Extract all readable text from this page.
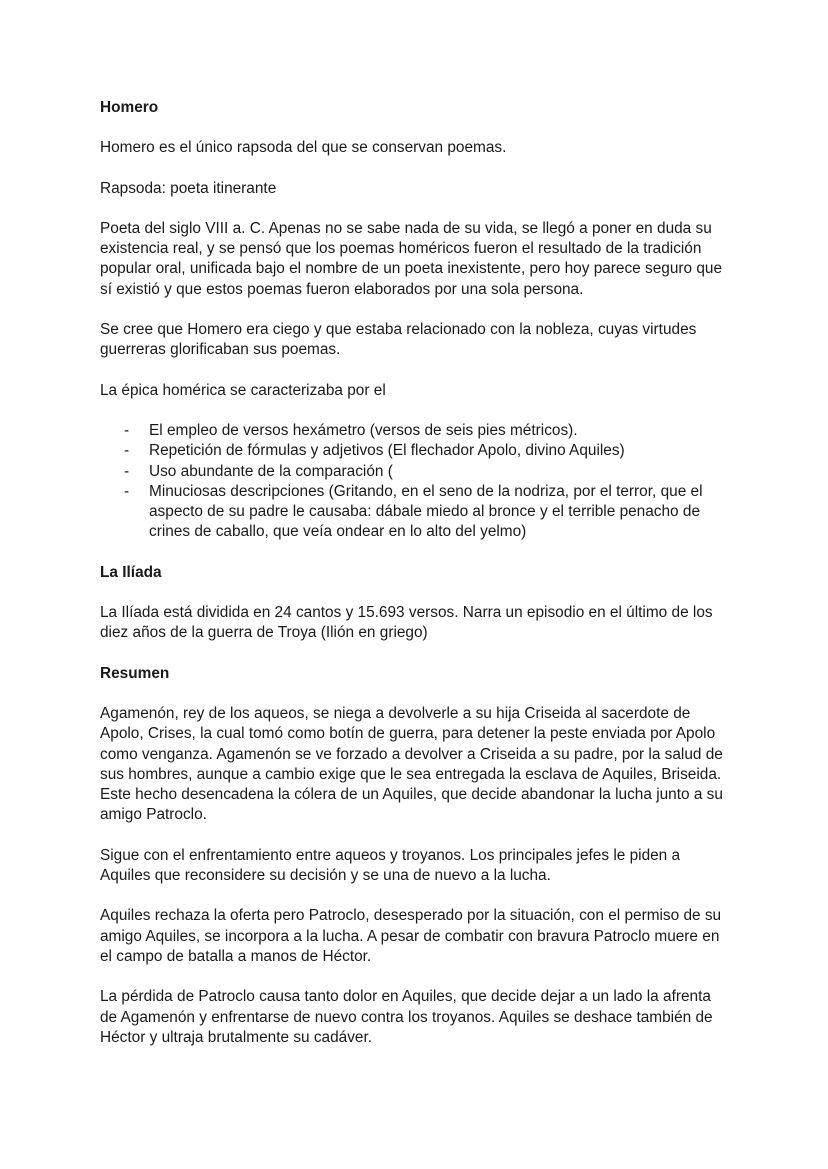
Homero

Homero es el único rapsoda del que se conservan poemas.

Rapsoda: poeta itinerante

Poeta del siglo VIII a. C. Apenas no se sabe nada de su vida, se llegó a poner en duda su existencia real, y se pensó que los poemas homéricos fueron el resultado de la tradición popular oral, unificada bajo el nombre de un poeta inexistente, pero hoy parece seguro que sí existió y que estos poemas fueron elaborados por una sola persona.

Se cree que Homero era ciego y que estaba relacionado con la nobleza, cuyas virtudes guerreras glorificaban sus poemas.

La épica homérica se caracterizaba por el

- El empleo de versos hexámetro (versos de seis pies métricos).
- Repetición de fórmulas y adjetivos (El flechador Apolo, divino Aquiles)
- Uso abundante de la comparación (
- Minuciosas descripciones (Gritando, en el seno de la nodriza, por el terror, que el aspecto de su padre le causaba: dábale miedo al bronce y el terrible penacho de crines de caballo, que veía ondear en lo alto del yelmo)
La Ilíada

La Ilíada está dividida en 24 cantos y 15.693 versos. Narra un episodio en el último de los diez años de la guerra de Troya (Ilión en griego)

Resumen

Agamenón, rey de los aqueos, se niega a devolverle a su hija Criseida al sacerdote de Apolo, Crises, la cual tomó como botín de guerra, para detener la peste enviada por Apolo como venganza. Agamenón se ve forzado a devolver a Criseida a su padre, por la salud de sus hombres, aunque a cambio exige que le sea entregada la esclava de Aquiles, Briseida. Este hecho desencadena la cólera de un Aquiles, que decide abandonar la lucha junto a su amigo Patroclo.

Sigue con el enfrentamiento entre aqueos y troyanos. Los principales jefes le piden a Aquiles que reconsidere su decisión y se una de nuevo a la lucha.

Aquiles rechaza la oferta pero Patroclo, desesperado por la situación, con el permiso de su amigo Aquiles, se incorpora a la lucha. A pesar de combatir con bravura Patroclo muere en el campo de batalla a manos de Héctor.

La pérdida de Patroclo causa tanto dolor en Aquiles, que decide dejar a un lado la afrenta de Agamenón y enfrentarse de nuevo contra los troyanos. Aquiles se deshace también de Héctor y ultraja brutalmente su cadáver.
